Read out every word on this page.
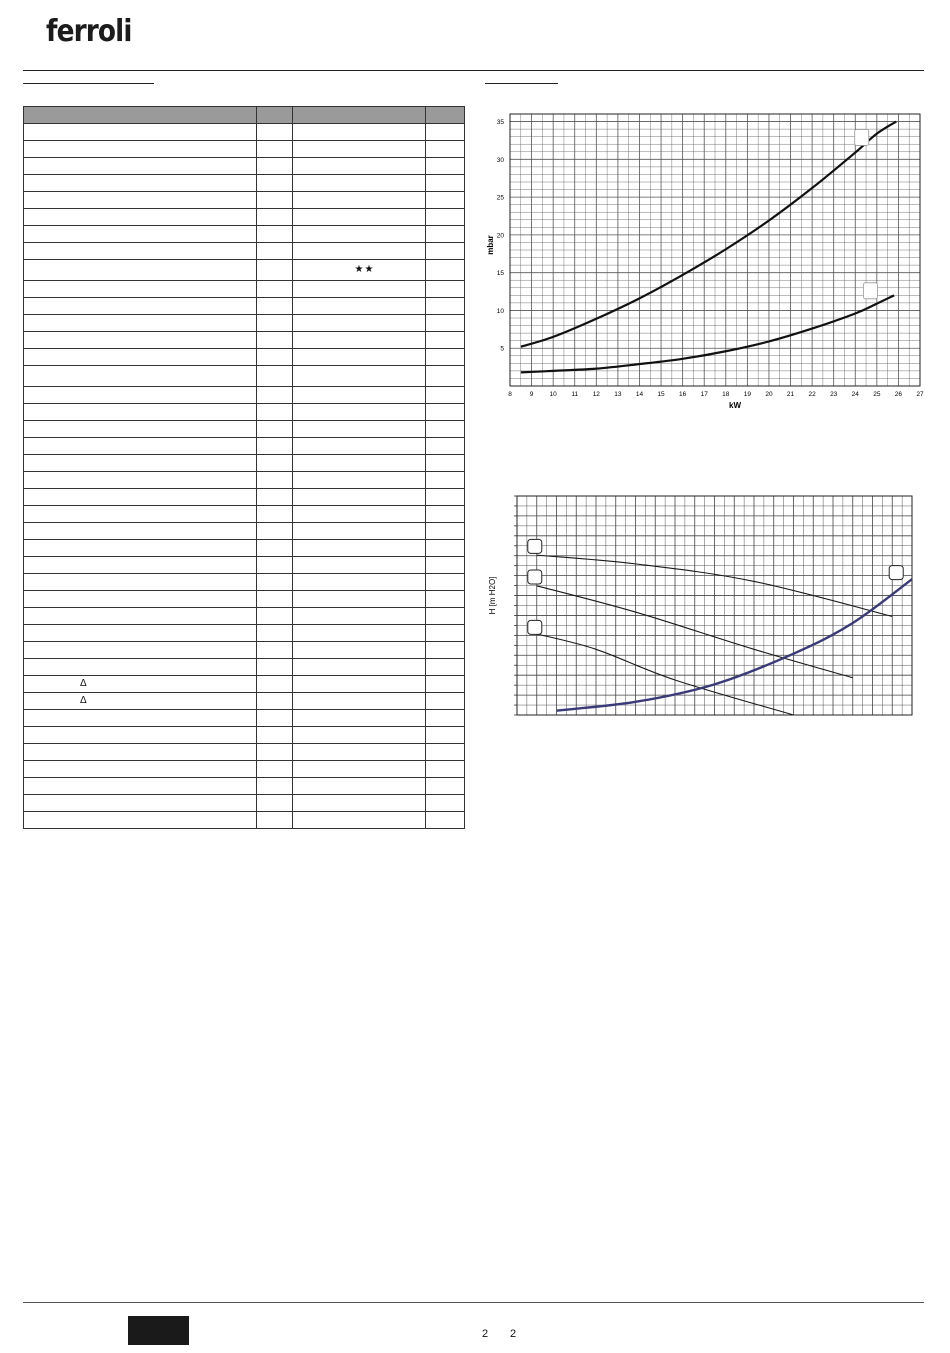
ferroli

		★★	

Δ			
Δ			

8	9 10 11 12 13 14 15 16 17 18 19 20 21 22 23 24 25 26 27
5
10
15
20
25
30
35
kW
mbar
H [m H2O]
2 2
